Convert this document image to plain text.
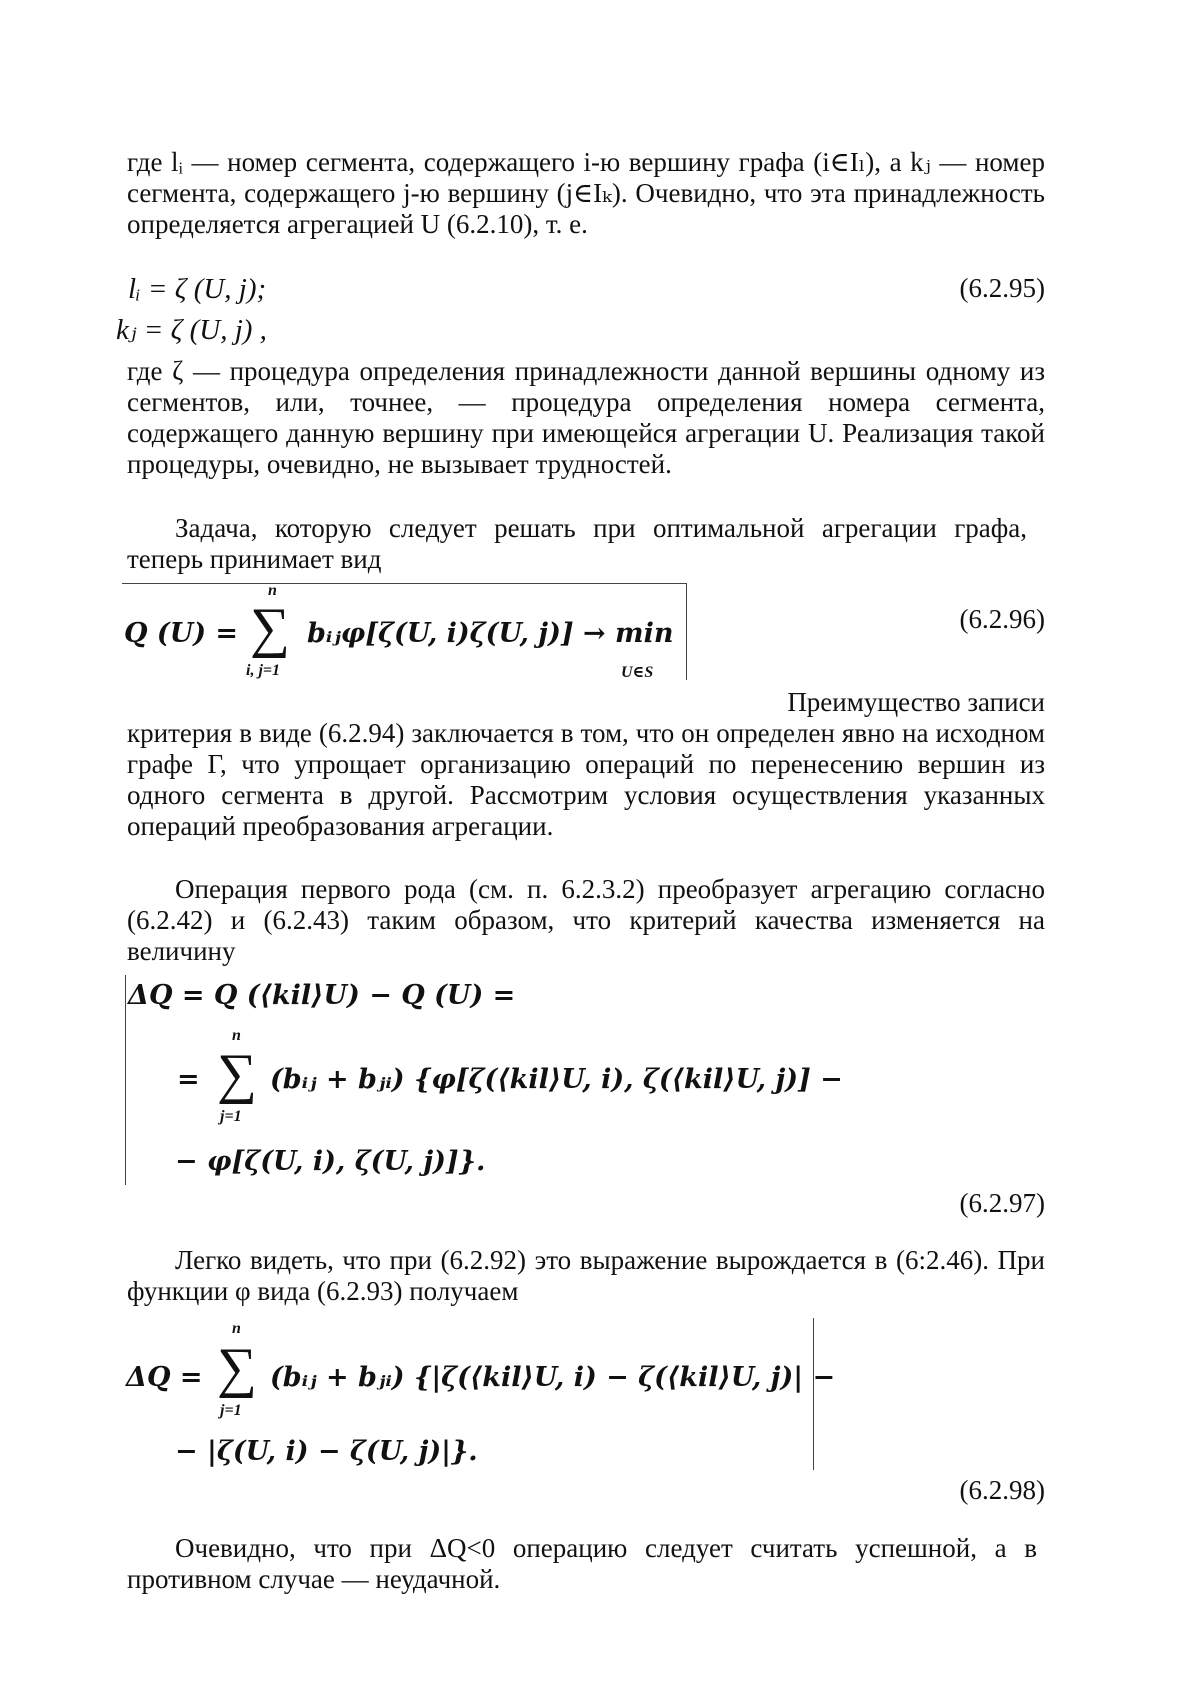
где lᵢ — номер сегмента, содержащего i-ю вершину графа (i∈Iₗ), а kⱼ — номер сегмента, содержащего j-ю вершину (j∈Iₖ). Очевидно, что эта принадлежность определяется агрегацией U (6.2.10), т. е.
lᵢ = ζ (U, j);	(6.2.95)
kⱼ = ζ (U, j) ,
где ζ — процедура определения принадлежности данной вершины одному из сегментов, или, точнее, — процедура определения номера сегмента, содержащего данную вершину при имеющейся агрегации U. Реализация такой процедуры, очевидно, не вызывает трудностей.
Задача, которую следует решать при оптимальной агрегации графа, теперь принимает вид
Q (U) =
n
∑
i, j=1
bᵢⱼφ[ζ(U, i)ζ(U, j)] → min
U∈S
(6.2.96)
Преимущество записи
критерия в виде (6.2.94) заключается в том, что он определен явно на исходном графе Г, что упрощает организацию операций по перенесению вершин из одного сегмента в другой. Рассмотрим условия осуществления указанных операций преобразования агрегации.
Операция первого рода (см. п. 6.2.3.2) преобразует агрегацию согласно (6.2.42) и (6.2.43) таким образом, что критерий качества изменяется на величину
ΔQ = Q (⟨kil⟩U) − Q (U) =
=
n
∑
j=1
(bᵢⱼ + bⱼᵢ) {φ[ζ(⟨kil⟩U, i), ζ(⟨kil⟩U, j)] −
− φ[ζ(U, i), ζ(U, j)]}.
(6.2.97)
Легко видеть, что при (6.2.92) это выражение вырождается в (6:2.46). При функции φ вида (6.2.93) получаем
ΔQ =
n
∑
j=1
(bᵢⱼ + bⱼᵢ) {|ζ(⟨kil⟩U, i) − ζ(⟨kil⟩U, j)| −
− |ζ(U, i) − ζ(U, j)|}.
(6.2.98)
Очевидно, что при ΔQ<0 операцию следует считать успешной, а в противном случае — неудачной.
